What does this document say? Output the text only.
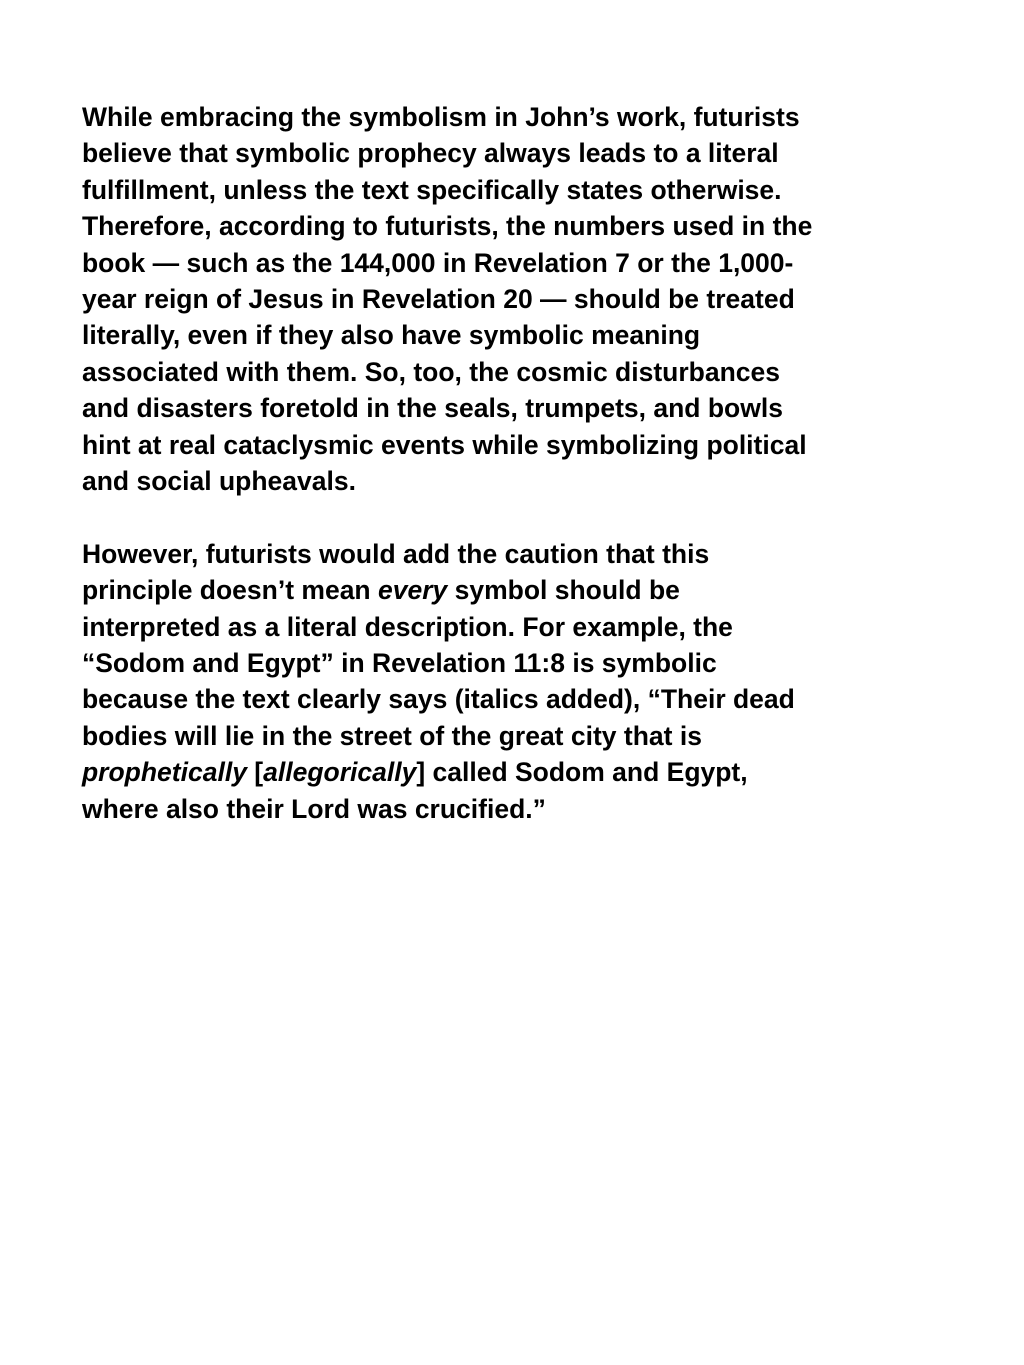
While embracing the symbolism in John’s work, futurists
believe that symbolic prophecy always leads to a literal
fulfillment, unless the text specifically states otherwise.
Therefore, according to futurists, the numbers used in the
book — such as the 144,000 in Revelation 7 or the 1,000-
year reign of Jesus in Revelation 20 — should be treated
literally, even if they also have symbolic meaning
associated with them. So, too, the cosmic disturbances
and disasters foretold in the seals, trumpets, and bowls
hint at real cataclysmic events while symbolizing political
and social upheavals.

However, futurists would add the caution that this
principle doesn’t mean every symbol should be
interpreted as a literal description. For example, the
“Sodom and Egypt” in Revelation 11:8 is symbolic
because the text clearly says (italics added), “Their dead
bodies will lie in the street of the great city that is
prophetically [allegorically] called Sodom and Egypt,
where also their Lord was crucified.”
